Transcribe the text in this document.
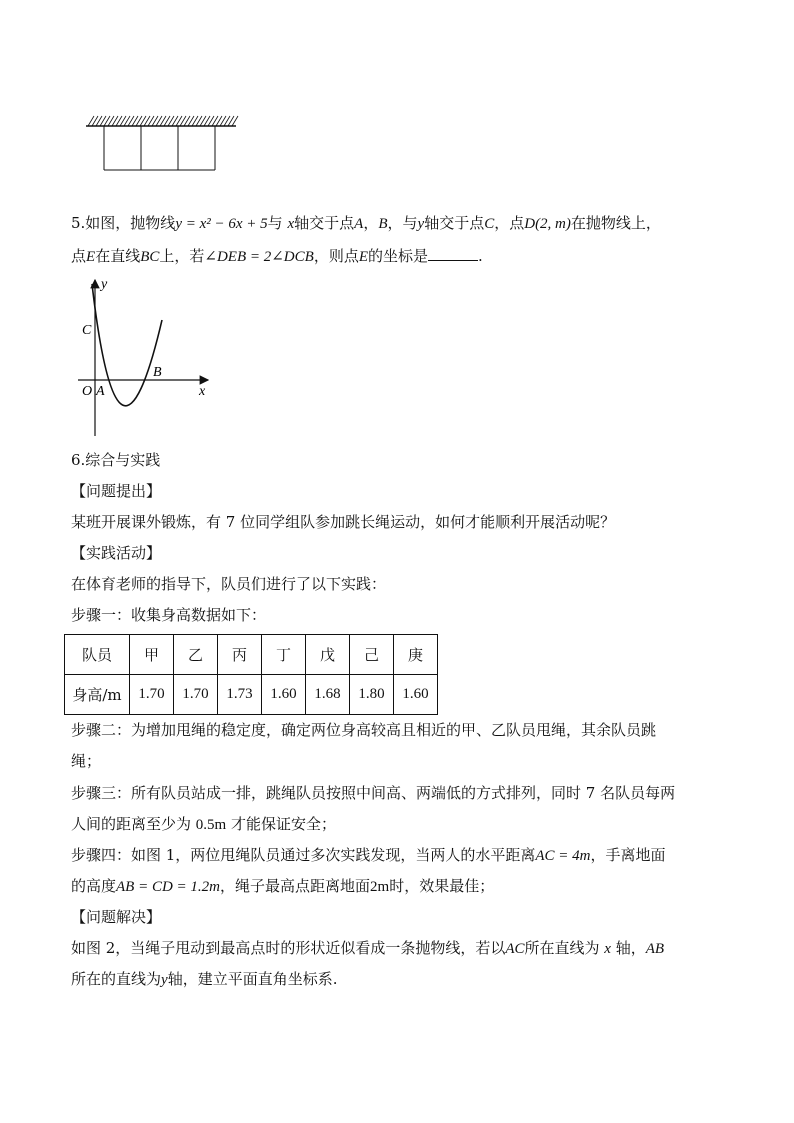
5.如图，抛物线y = x² − 6x + 5与 x轴交于点A，B，与y轴交于点C，点D(2, m)在抛物线上，
点E在直线BC上，若∠DEB = 2∠DCB，则点E的坐标是	.
y
x
C
O A
B
6.综合与实践
【问题提出】
某班开展课外锻炼，有 7 位同学组队参加跳长绳运动，如何才能顺利开展活动呢？
【实践活动】
在体育老师的指导下，队员们进行了以下实践：
步骤一：收集身高数据如下：
队员	甲	乙	丙	丁	戊	己	庚
身高/m	1.70	1.70	1.73	1.60	1.68	1.80	1.60
步骤二：为增加甩绳的稳定度，确定两位身高较高且相近的甲、乙队员甩绳，其余队员跳
绳；
步骤三：所有队员站成一排，跳绳队员按照中间高、两端低的方式排列，同时 7 名队员每两
人间的距离至少为 0.5m 才能保证安全；
步骤四：如图 1，两位甩绳队员通过多次实践发现，当两人的水平距离AC = 4m，手离地面
的高度AB = CD = 1.2m，绳子最高点距离地面2m时，效果最佳；
【问题解决】
如图 2，当绳子甩动到最高点时的形状近似看成一条抛物线，若以AC所在直线为 x 轴，AB
所在的直线为y轴，建立平面直角坐标系.
